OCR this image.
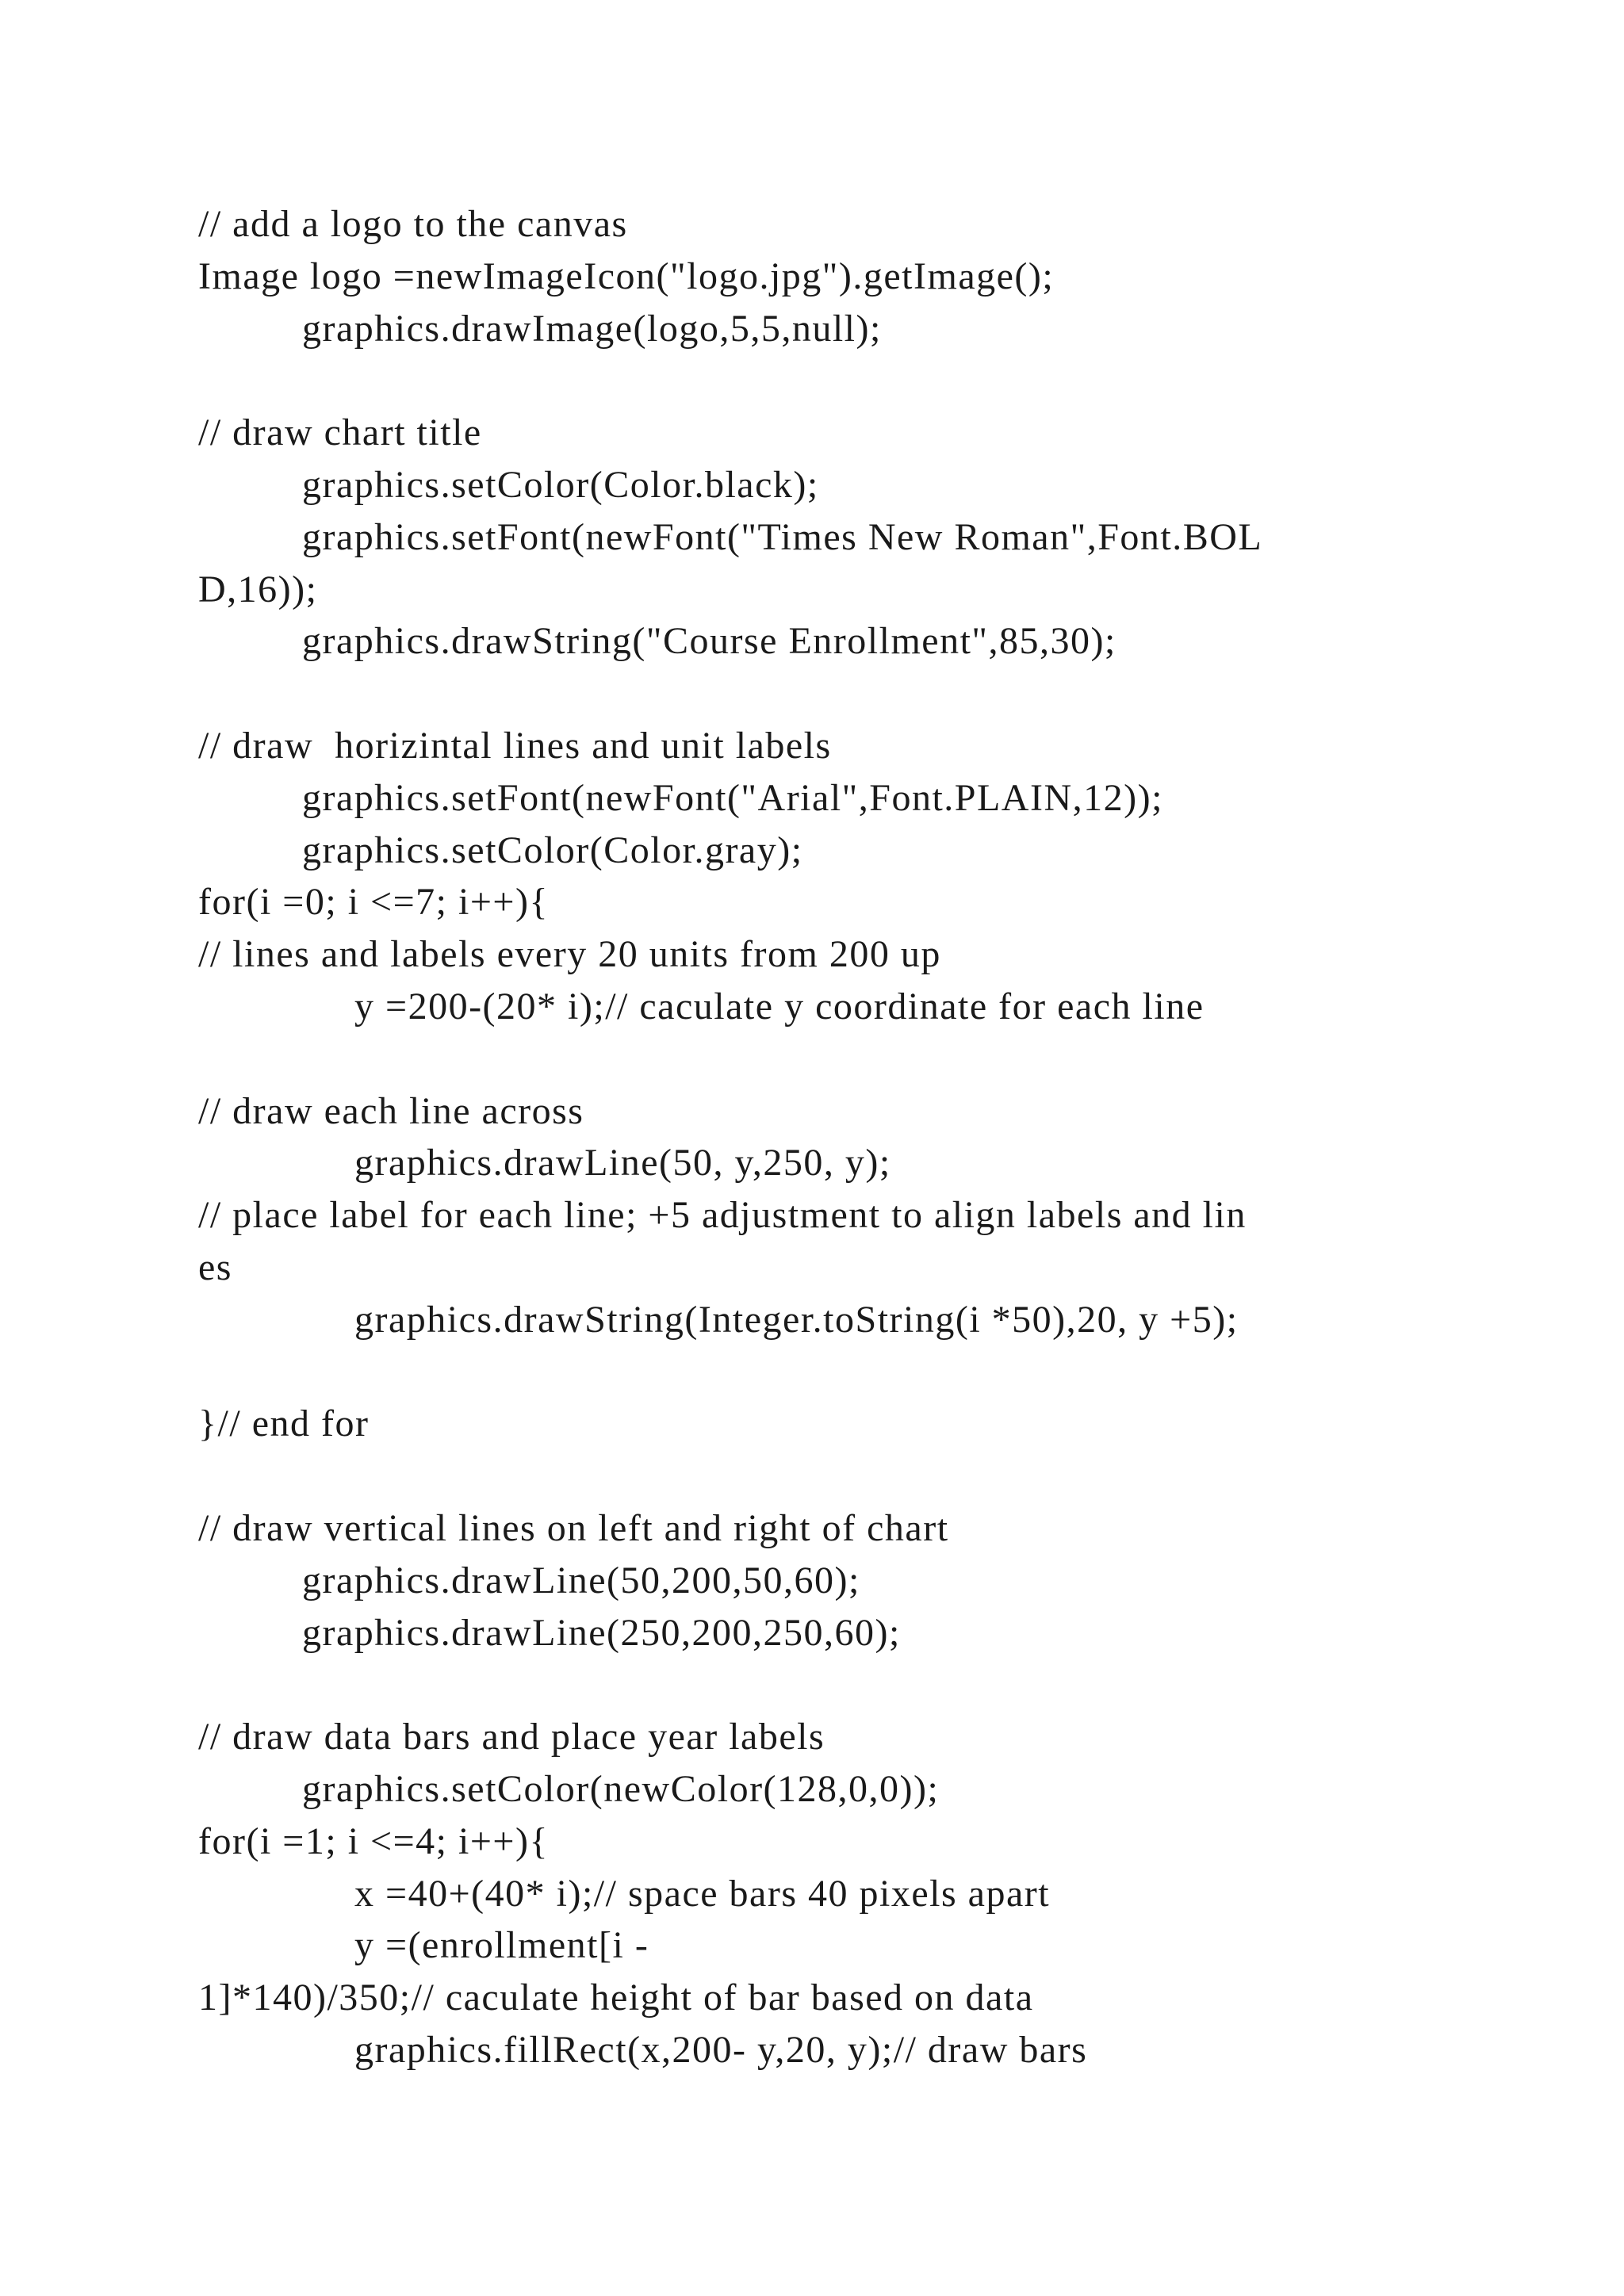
// add a logo to the canvas
Image logo =newImageIcon("logo.jpg").getImage();
graphics.drawImage(logo,5,5,null);
// draw chart title
graphics.setColor(Color.black);
graphics.setFont(newFont("Times New Roman",Font.BOL
D,16));
graphics.drawString("Course Enrollment",85,30);
// draw  horizintal lines and unit labels
graphics.setFont(newFont("Arial",Font.PLAIN,12));
graphics.setColor(Color.gray);
for(i =0; i <=7; i++){
// lines and labels every 20 units from 200 up
y =200-(20* i);// caculate y coordinate for each line
// draw each line across
graphics.drawLine(50, y,250, y);
// place label for each line; +5 adjustment to align labels and lin
es
graphics.drawString(Integer.toString(i *50),20, y +5);
}// end for
// draw vertical lines on left and right of chart
graphics.drawLine(50,200,50,60);
graphics.drawLine(250,200,250,60);
// draw data bars and place year labels
graphics.setColor(newColor(128,0,0));
for(i =1; i <=4; i++){
x =40+(40* i);// space bars 40 pixels apart
y =(enrollment[i -
1]*140)/350;// caculate height of bar based on data
graphics.fillRect(x,200- y,20, y);// draw bars
